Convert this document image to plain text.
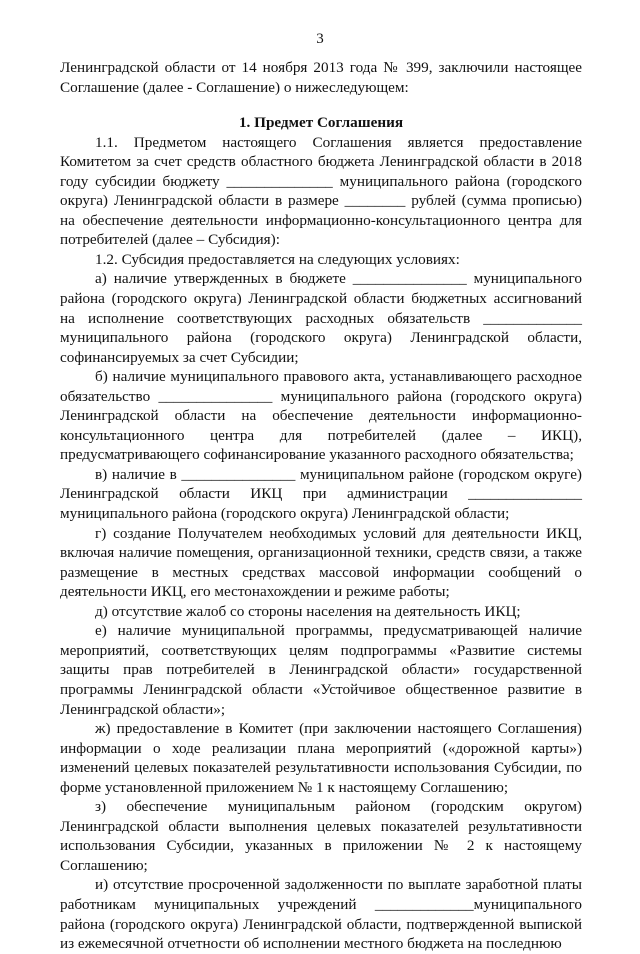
3

Ленинградской области от 14 ноября 2013 года № 399, заключили настоящее Соглашение (далее - Соглашение) о нижеследующем:

1. Предмет Соглашения

1.1. Предметом настоящего Соглашения является предоставление Комитетом за счет средств областного бюджета Ленинградской области в 2018 году субсидии бюджету ______________ муниципального района (городского округа) Ленинградской области в размере ________ рублей (сумма прописью) на обеспечение деятельности информационно-консультационного центра для потребителей (далее – Субсидия):

1.2. Субсидия предоставляется на следующих условиях:

а) наличие утвержденных в бюджете _______________ муниципального района (городского округа) Ленинградской области бюджетных ассигнований на исполнение соответствующих расходных обязательств _____________ муниципального района (городского округа) Ленинградской области, софинансируемых за счет Субсидии;

б) наличие муниципального правового акта, устанавливающего расходное обязательство _______________ муниципального района (городского округа) Ленинградской области на обеспечение деятельности информационно-консультационного центра для потребителей (далее – ИКЦ), предусматривающего софинансирование указанного расходного обязательства;

в) наличие в _______________ муниципальном районе (городском округе) Ленинградской области ИКЦ при администрации _______________ муниципального района (городского округа) Ленинградской области;

г) создание Получателем необходимых условий для деятельности ИКЦ, включая наличие помещения, организационной техники, средств связи, а также размещение в местных средствах массовой информации сообщений о деятельности ИКЦ, его местонахождении и режиме работы;

д) отсутствие жалоб со стороны населения на деятельность ИКЦ;

е) наличие муниципальной программы, предусматривающей наличие мероприятий, соответствующих целям подпрограммы «Развитие системы защиты прав потребителей в Ленинградской области» государственной программы Ленинградской области «Устойчивое общественное развитие в Ленинградской области»;

ж) предоставление в Комитет (при заключении настоящего Соглашения) информации о ходе реализации плана мероприятий («дорожной карты») изменений целевых показателей результативности использования Субсидии, по форме установленной приложением № 1 к настоящему Соглашению;

з) обеспечение муниципальным районом (городским округом) Ленинградской области выполнения целевых показателей результативности использования Субсидии, указанных в приложении № 2 к настоящему Соглашению;

и) отсутствие просроченной задолженности по выплате заработной платы работникам муниципальных учреждений _____________муниципального района (городского округа) Ленинградской области, подтвержденной выпиской из ежемесячной отчетности об исполнении местного бюджета на последнюю
